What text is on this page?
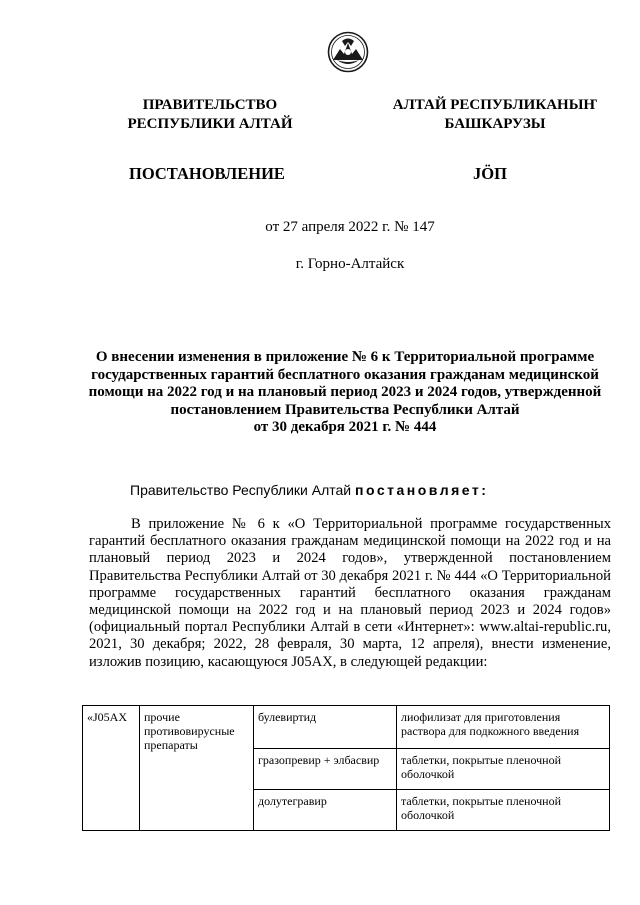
ПРАВИТЕЛЬСТВО
РЕСПУБЛИКИ АЛТАЙ
АЛТАЙ РЕСПУБЛИКАНЫҤ
БАШКАРУЗЫ
ПОСТАНОВЛЕНИЕ	JÖП
от 27 апреля 2022 г. № 147
г. Горно-Алтайск
О внесении изменения в приложение № 6 к Территориальной программе
государственных гарантий бесплатного оказания гражданам медицинской
помощи на 2022 год и на плановый период 2023 и 2024 годов, утвержденной
постановлением Правительства Республики Алтай
от 30 декабря 2021 г. № 444
Правительство Республики Алтай постановляет:
В приложение № 6 к «О Территориальной программе государственных гарантий бесплатного оказания гражданам медицинской помощи на 2022 год и на плановый период 2023 и 2024 годов», утвержденной постановлением Правительства Республики Алтай от 30 декабря 2021 г. № 444 «О Территориальной программе государственных гарантий бесплатного оказания гражданам медицинской помощи на 2022 год и на плановый период 2023 и 2024 годов» (официальный портал Республики Алтай в сети «Интернет»: www.altai-republic.ru, 2021, 30 декабря; 2022, 28 февраля, 30 марта, 12 апреля), внести изменение, изложив позицию, касающуюся J05AX, в следующей редакции:
«J05AX	прочие противовирусные препараты	булевиртид	лиофилизат для приготовления раствора для подкожного введения
		гразопревир + элбасвир	таблетки, покрытые пленочной оболочкой
		долутегравир	таблетки, покрытые пленочной оболочкой
